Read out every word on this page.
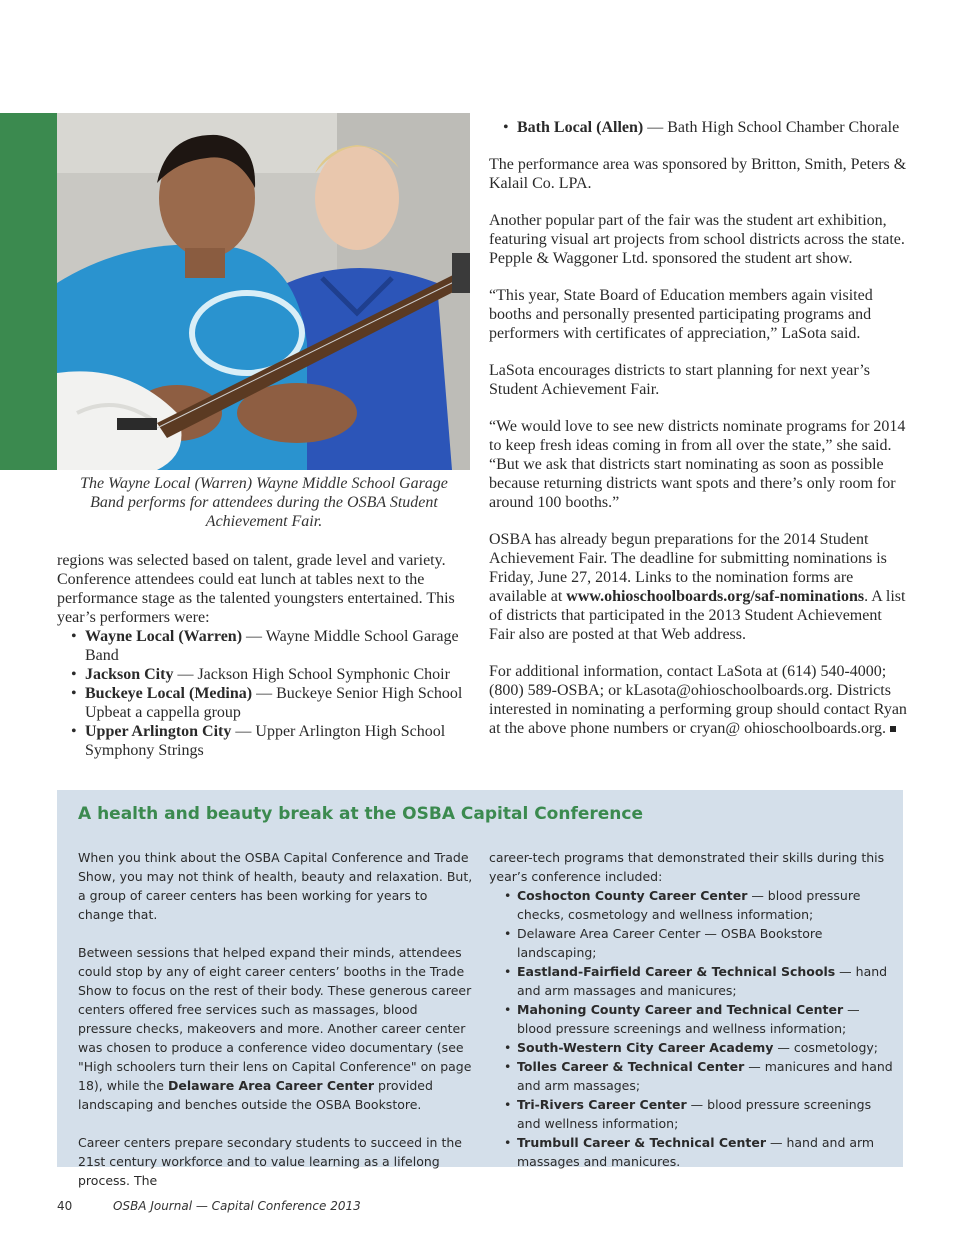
The Wayne Local (Warren) Wayne Middle School Garage Band performs for attendees during the OSBA Student Achievement Fair.

regions was selected based on talent, grade level and variety. Conference attendees could eat lunch at tables next to the performance stage as the talented youngsters entertained. This year’s performers were:

• Wayne Local (Warren) — Wayne Middle School Garage Band
• Jackson City — Jackson High School Symphonic Choir
• Buckeye Local (Medina) — Buckeye Senior High School Upbeat a cappella group
• Upper Arlington City — Upper Arlington High School Symphony Strings
• Bath Local (Allen) — Bath High School Chamber Chorale

The performance area was sponsored by Britton, Smith, Peters & Kalail Co. LPA.

Another popular part of the fair was the student art exhibition, featuring visual art projects from school districts across the state. Pepple & Waggoner Ltd. sponsored the student art show.

“This year, State Board of Education members again visited booths and personally presented participating programs and performers with certificates of appreciation,” LaSota said.

LaSota encourages districts to start planning for next year’s Student Achievement Fair.

“We would love to see new districts nominate programs for 2014 to keep fresh ideas coming in from all over the state,” she said. “But we ask that districts start nominating as soon as possible because returning districts want spots and there’s only room for around 100 booths.”

OSBA has already begun preparations for the 2014 Student Achievement Fair. The deadline for submitting nominations is Friday, June 27, 2014. Links to the nomination forms are available at www.ohioschoolboards.org/saf-nominations. A list of districts that participated in the 2013 Student Achievement Fair also are posted at that Web address.

For additional information, contact LaSota at (614) 540-4000; (800) 589-OSBA; or kLasota@ohioschoolboards.org. Districts interested in nominating a performing group should contact Ryan at the above phone numbers or cryan@ ohioschoolboards.org.

A health and beauty break at the OSBA Capital Conference

When you think about the OSBA Capital Conference and Trade Show, you may not think of health, beauty and relaxation. But, a group of career centers has been working for years to change that.

Between sessions that helped expand their minds, attendees could stop by any of eight career centers’ booths in the Trade Show to focus on the rest of their body. These generous career centers offered free services such as massages, blood pressure checks, makeovers and more. Another career center was chosen to produce a conference video documentary (see "High schoolers turn their lens on Capital Conference" on page 18), while the Delaware Area Career Center provided landscaping and benches outside the OSBA Bookstore.

Career centers prepare secondary students to succeed in the 21st century workforce and to value learning as a lifelong process. The

career-tech programs that demonstrated their skills during this year’s conference included:

• Coshocton County Career Center — blood pressure checks, cosmetology and wellness information;
• Delaware Area Career Center — OSBA Bookstore landscaping;
• Eastland-Fairfield Career & Technical Schools — hand and arm massages and manicures;
• Mahoning County Career and Technical Center — blood pressure screenings and wellness information;
• South-Western City Career Academy — cosmetology;
• Tolles Career & Technical Center — manicures and hand and arm massages;
• Tri-Rivers Career Center — blood pressure screenings and wellness information;
• Trumbull Career & Technical Center — hand and arm massages and manicures.
40	OSBA Journal — Capital Conference 2013
